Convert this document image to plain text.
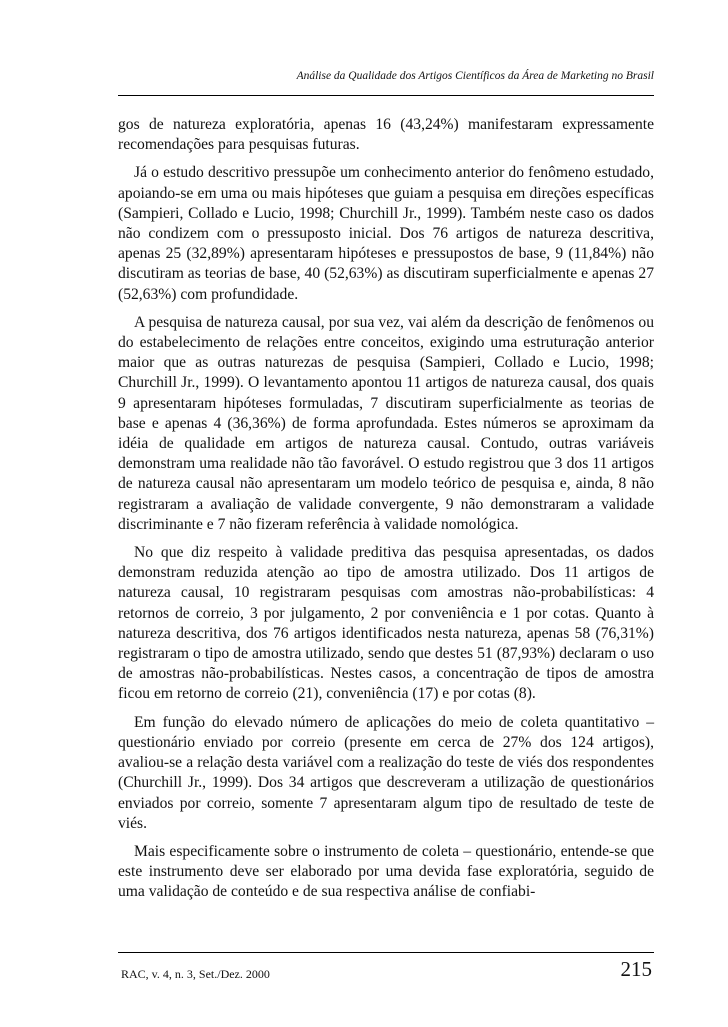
Análise da Qualidade dos Artigos Científicos da Área de Marketing no Brasil

gos de natureza exploratória, apenas 16 (43,24%) manifestaram expressamente recomendações para pesquisas futuras.

Já o estudo descritivo pressupõe um conhecimento anterior do fenômeno estudado, apoiando-se em uma ou mais hipóteses que guiam a pesquisa em direções específicas (Sampieri, Collado e Lucio, 1998; Churchill Jr., 1999). Também neste caso os dados não condizem com o pressuposto inicial. Dos 76 artigos de natureza descritiva, apenas 25 (32,89%) apresentaram hipóteses e pressupostos de base, 9 (11,84%) não discutiram as teorias de base, 40 (52,63%) as discutiram superficialmente e apenas 27 (52,63%) com profundidade.

A pesquisa de natureza causal, por sua vez, vai além da descrição de fenômenos ou do estabelecimento de relações entre conceitos, exigindo uma estruturação anterior maior que as outras naturezas de pesquisa (Sampieri, Collado e Lucio, 1998; Churchill Jr., 1999). O levantamento apontou 11 artigos de natureza causal, dos quais 9 apresentaram hipóteses formuladas, 7 discutiram superficialmente as teorias de base e apenas 4 (36,36%) de forma aprofundada. Estes números se aproximam da idéia de qualidade em artigos de natureza causal. Contudo, outras variáveis demonstram uma realidade não tão favorável. O estudo registrou que 3 dos 11 artigos de natureza causal não apresentaram um modelo teórico de pesquisa e, ainda, 8 não registraram a avaliação de validade convergente, 9 não demonstraram a validade discriminante e 7 não fizeram referência à validade nomológica.

No que diz respeito à validade preditiva das pesquisa apresentadas, os dados demonstram reduzida atenção ao tipo de amostra utilizado. Dos 11 artigos de natureza causal, 10 registraram pesquisas com amostras não-probabilísticas: 4 retornos de correio, 3 por julgamento, 2 por conveniência e 1 por cotas. Quanto à natureza descritiva, dos 76 artigos identificados nesta natureza, apenas 58 (76,31%) registraram o tipo de amostra utilizado, sendo que destes 51 (87,93%) declaram o uso de amostras não-probabilísticas. Nestes casos, a concentração de tipos de amostra ficou em retorno de correio (21), conveniência (17) e por cotas (8).

Em função do elevado número de aplicações do meio de coleta quantitativo – questionário enviado por correio (presente em cerca de 27% dos 124 artigos), avaliou-se a relação desta variável com a realização do teste de viés dos respondentes (Churchill Jr., 1999). Dos 34 artigos que descreveram a utilização de questionários enviados por correio, somente 7 apresentaram algum tipo de resultado de teste de viés.

Mais especificamente sobre o instrumento de coleta – questionário, entende-se que este instrumento deve ser elaborado por uma devida fase exploratória, seguido de uma validação de conteúdo e de sua respectiva análise de confiabi-

RAC, v. 4, n. 3, Set./Dez. 2000	215
